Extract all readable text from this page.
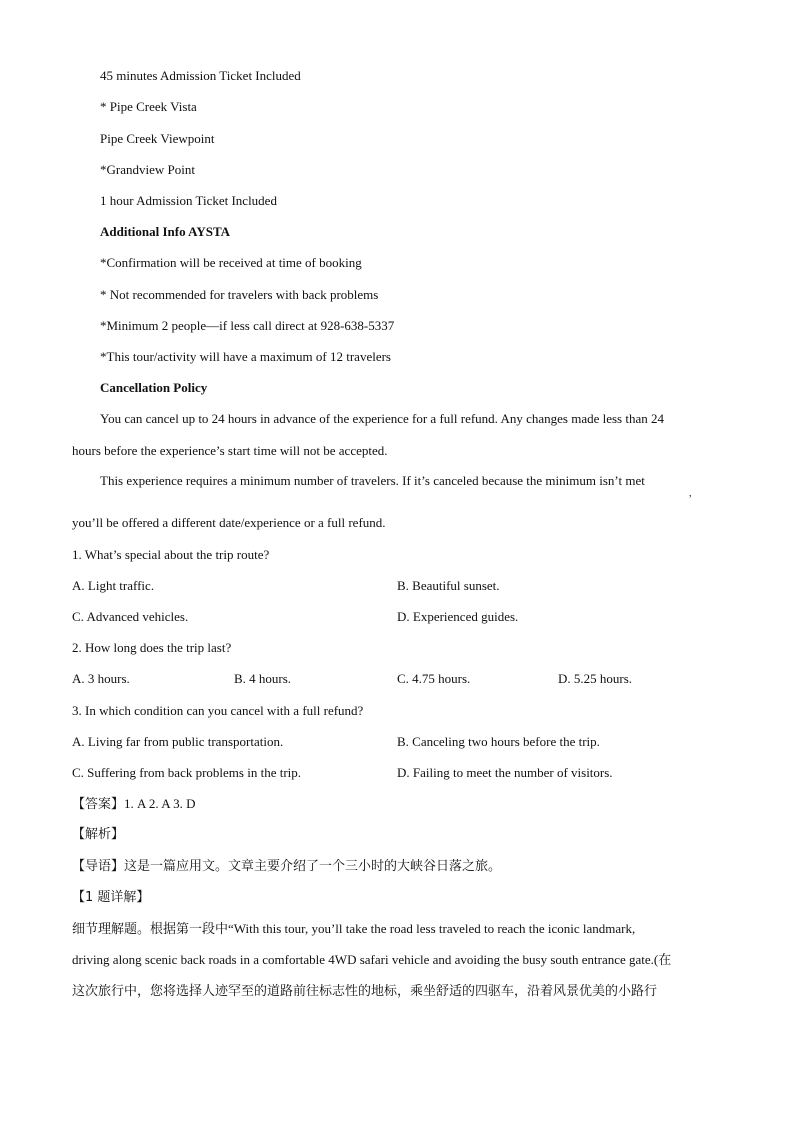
45 minutes Admission Ticket Included
* Pipe Creek Vista
Pipe Creek Viewpoint
*Grandview Point
1 hour Admission Ticket Included
Additional Info AYSTA
*Confirmation will be received at time of booking
* Not recommended for travelers with back problems
*Minimum 2 people—if less call direct at 928-638-5337
*This tour/activity will have a maximum of 12 travelers
Cancellation Policy
You can cancel up to 24 hours in advance of the experience for a full refund. Any changes made less than 24
hours before the experience’s start time will not be accepted.
This experience requires a minimum number of travelers. If it’s canceled because the minimum isn’t met
,
you’ll be offered a different date/experience or a full refund.
1. What’s special about the trip route?
A. Light traffic.	B. Beautiful sunset.
C. Advanced vehicles.	D. Experienced guides.
2. How long does the trip last?
A. 3 hours.	B. 4 hours.	C. 4.75 hours.	D. 5.25 hours.
3. In which condition can you cancel with a full refund?
A. Living far from public transportation.	B. Canceling two hours before the trip.
C. Suffering from back problems in the trip.	D. Failing to meet the number of visitors.
【答案】1. A 2. A 3. D
【解析】
【导语】这是一篇应用文。文章主要介绍了一个三小时的大峡谷日落之旅。
【1 题详解】
细节理解题。根据第一段中“With this tour, you’ll take the road less traveled to reach the iconic landmark,
driving along scenic back roads in a comfortable 4WD safari vehicle and avoiding the busy south entrance gate.(在
这次旅行中，您将选择人迹罕至的道路前往标志性的地标，乘坐舒适的四驱车，沿着风景优美的小路行
